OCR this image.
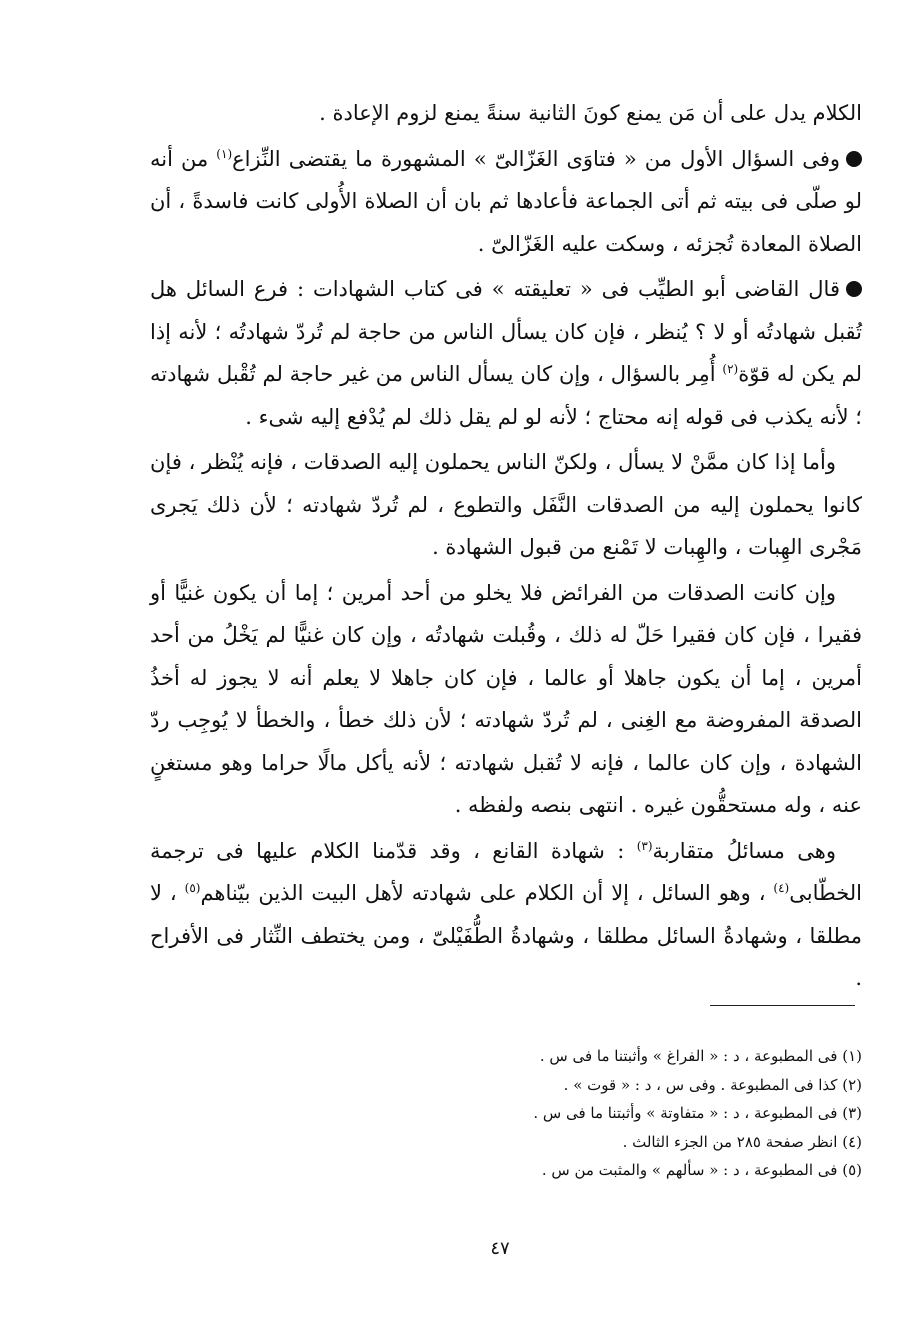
الكلام يدل على أن مَن يمنع كونَ الثانية سنةً يمنع لزوم الإعادة .

وفى السؤال الأول من « فتاوَى الغَزّالىّ » المشهورة ما يقتضى النِّزاع$^{(١)}$ من أنه لو صلّى فى بيته ثم أتى الجماعة فأعادها ثم بان أن الصلاة الأُولى كانت فاسدةً ، أن الصلاة المعادة تُجزئه ، وسكت عليه الغَزّالىّ .

قال القاضى أبو الطيِّب فى « تعليقته » فى كتاب الشهادات : فرع السائل هل تُقبل شهادتُه أو لا ؟ يُنظر ، فإن كان يسأل الناس من حاجة لم تُردّ شهادتُه ؛ لأنه إذا لم يكن له قوّة$^{(٢)}$ أُمِر بالسؤال ، وإن كان يسأل الناس من غير حاجة لم تُقْبل شهادته ؛ لأنه يكذب فى قوله إنه محتاج ؛ لأنه لو لم يقل ذلك لم يُدْفع إليه شىء .

وأما إذا كان ممَّنْ لا يسأل ، ولكنّ الناس يحملون إليه الصدقات ، فإنه يُنْظر ، فإن كانوا يحملون إليه من الصدقات النَّفَل والتطوع ، لم تُردّ شهادته ؛ لأن ذلك يَجرى مَجْرى الهِبات ، والهِبات لا تَمْنع من قبول الشهادة .

وإن كانت الصدقات من الفرائض فلا يخلو من أحد أمرين ؛ إما أن يكون غنيًّا أو فقيرا ، فإن كان فقيرا حَلّ له ذلك ، وقُبلت شهادتُه ، وإن كان غنيًّا لم يَخْلُ من أحد أمرين ، إما أن يكون جاهلا أو عالما ، فإن كان جاهلا لا يعلم أنه لا يجوز له أخذُ الصدقة المفروضة مع الغِنى ، لم تُردّ شهادته ؛ لأن ذلك خطأ ، والخطأ لا يُوجِب ردّ الشهادة ، وإن كان عالما ، فإنه لا تُقبل شهادته ؛ لأنه يأكل مالًا حراما وهو مستغنٍ عنه ، وله مستحقُّون غيره . انتهى بنصه ولفظه .

وهى مسائلُ متقاربة$^{(٣)}$ : شهادة القانع ، وقد قدّمنا الكلام عليها فى ترجمة الخطّابى$^{(٤)}$ ، وهو السائل ، إلا أن الكلام على شهادته لأهل البيت الذين بيّناهم$^{(٥)}$ ، لا مطلقا ، وشهادةُ السائل مطلقا ، وشهادةُ الطُّفَيْلىّ ، ومن يختطف النِّثار فى الأفراح .

(١) فى المطبوعة ، د : « الفراغ » وأثبتنا ما فى س .
(٢) كذا فى المطبوعة . وفى س ، د : « قوت » .
(٣) فى المطبوعة ، د : « متفاوتة » وأثبتنا ما فى س .
(٤) انظر صفحة ٢٨٥ من الجزء الثالث .
(٥) فى المطبوعة ، د : « سألهم » والمثبت من س .
٤٧
